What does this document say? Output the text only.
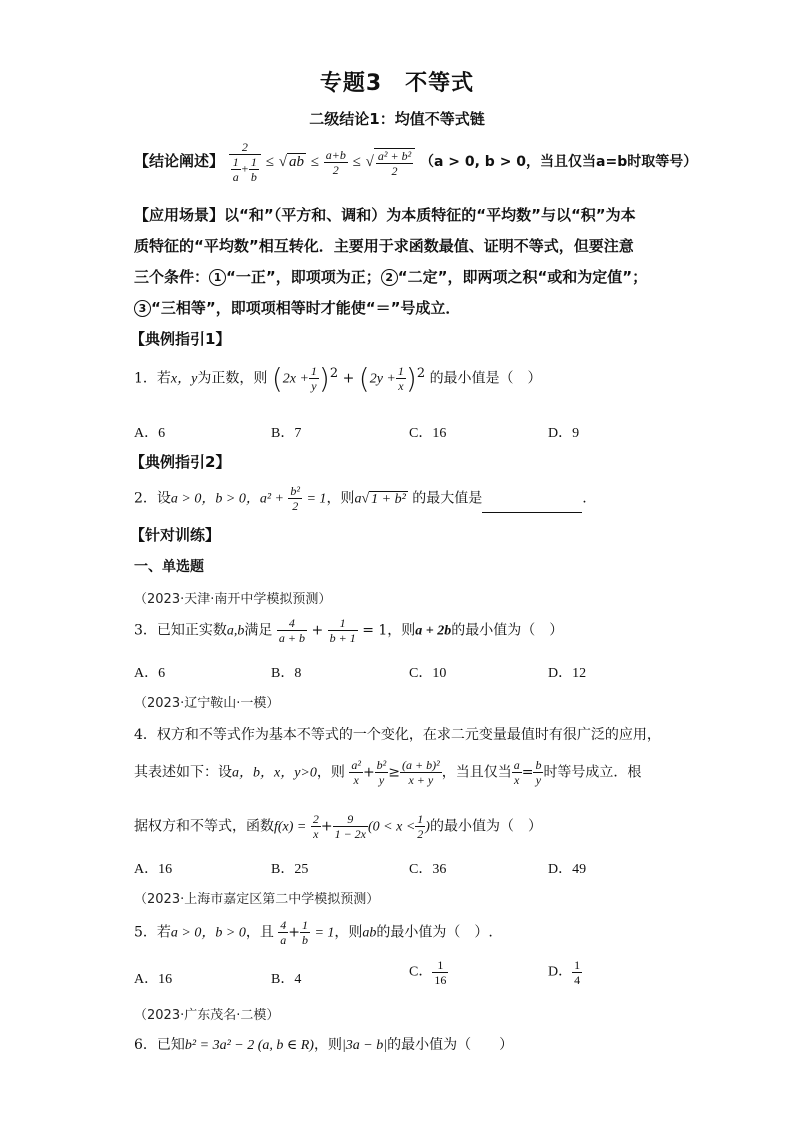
专题3　不等式
二级结论1：均值不等式链
【结论阐述】 $\frac{2}{\frac{1}{a} + \frac{1}{b}}$ ≤ √ ab ≤ $\frac{a+b}{2}$ ≤ √ $\frac{\text{a² + b²}}{2} (a > 0$, b > 0，当且仅当a=b时取等号）
【应用场景】以“和”（平方和、调和）为本质特征的“平均数”与以“积”为本
质特征的“平均数”相互转化．主要用于求函数最值、证明不等式，但要注意
三个条件： 1 “一正”，即项项为正； 2 “二定”，即两项之积“或和为定值”；
3 “三相等”，即项项相等时才能使“＝”号成立．
【典例指引1】
1．若x，y为正数，则 $(2x + \frac{1}{y} )^2 + (2y + \frac{1}{x} )^2$ 的最小值是（　）
A．6	B．7	C．16	D．9
【典例指引2】
2．设a > 0，b > 0，$a^2 + \frac{\text{b²}}{2} = 1$，则a√ 1 + b² 的最大值是	.
【针对训练】
一、单选题
（2023·天津·南开中学模拟预测）
3．已知正实数a,b满足 $\frac{4}{a + b} + \frac{1}{b + 1} = 1$，则a + 2b的最小值为（　）
A．6	B．8	C．10	D．12
（2023·辽宁鞍山·一模）
4．权方和不等式作为基本不等式的一个变化，在求二元变量最值时有很广泛的应用，
其表述如下：设a，b，x，y>0，则 $\frac{\text{a²}}{x} + \frac{\text{b²}}{y} \ge \frac{\text{(a + b)²}}{x + y}$ ，当且仅当 $\frac{a}{x} = \frac{b}{y}$ 时等号成立．根
据权方和不等式，函数$f(x) = \frac{2}{x} + \frac{9}{1 - 2x} (0 < x < \frac{1}{2}$ )的最小值为（　）
A．16	B．25	C．36	D．49
（2023·上海市嘉定区第二中学模拟预测）
5．若a > 0，b > 0，且 $\frac{4}{a} + \frac{1}{b} = 1$，则ab的最小值为（　）.
A．16	B．4	C． $\frac{1}{16}$	D． $\frac{1}{4}$
（2023·广东茂名·二模）
6．已知b² = 3a² − 2 (a, b ∈ R)，则|3a − b|的最小值为（　　）
